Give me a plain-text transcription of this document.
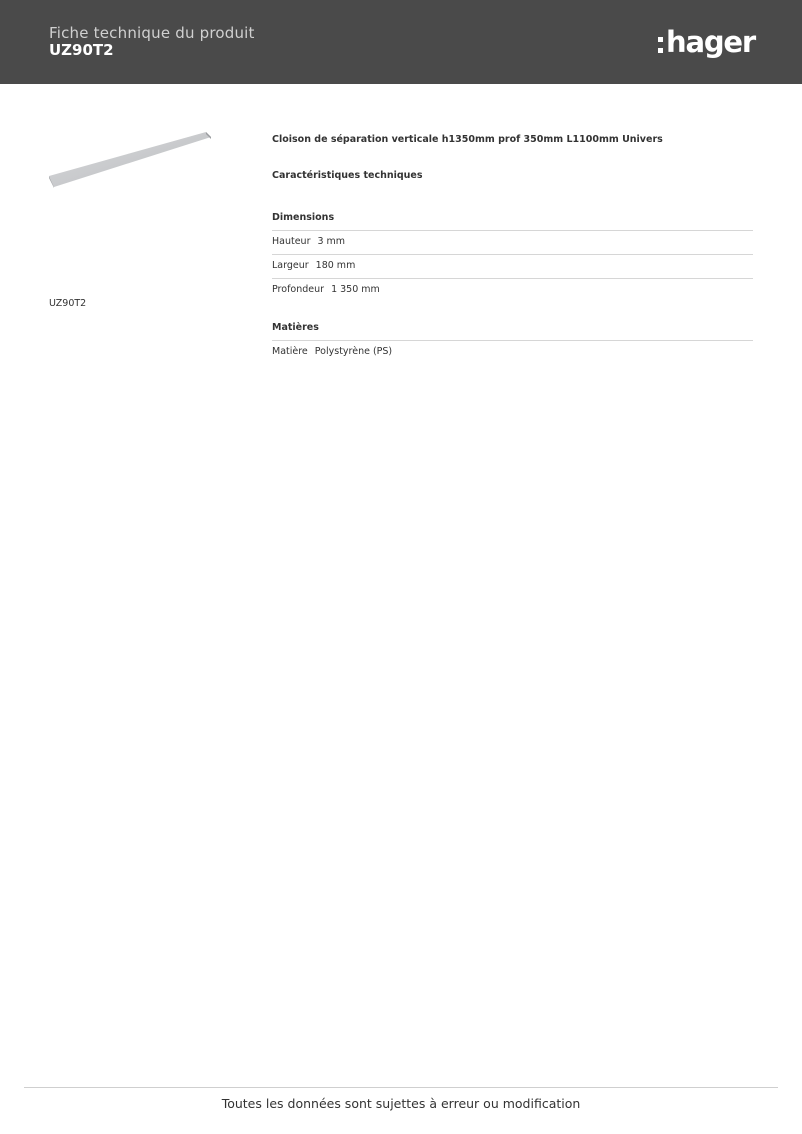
Fiche technique du produit
UZ90T2	hager
UZ90T2
Cloison de séparation verticale h1350mm prof 350mm L1100mm Univers
Caractéristiques techniques
Dimensions
Hauteur 3 mm
Largeur 180 mm
Profondeur 1 350 mm
Matières
Matière Polystyrène (PS)
Toutes les données sont sujettes à erreur ou modification
